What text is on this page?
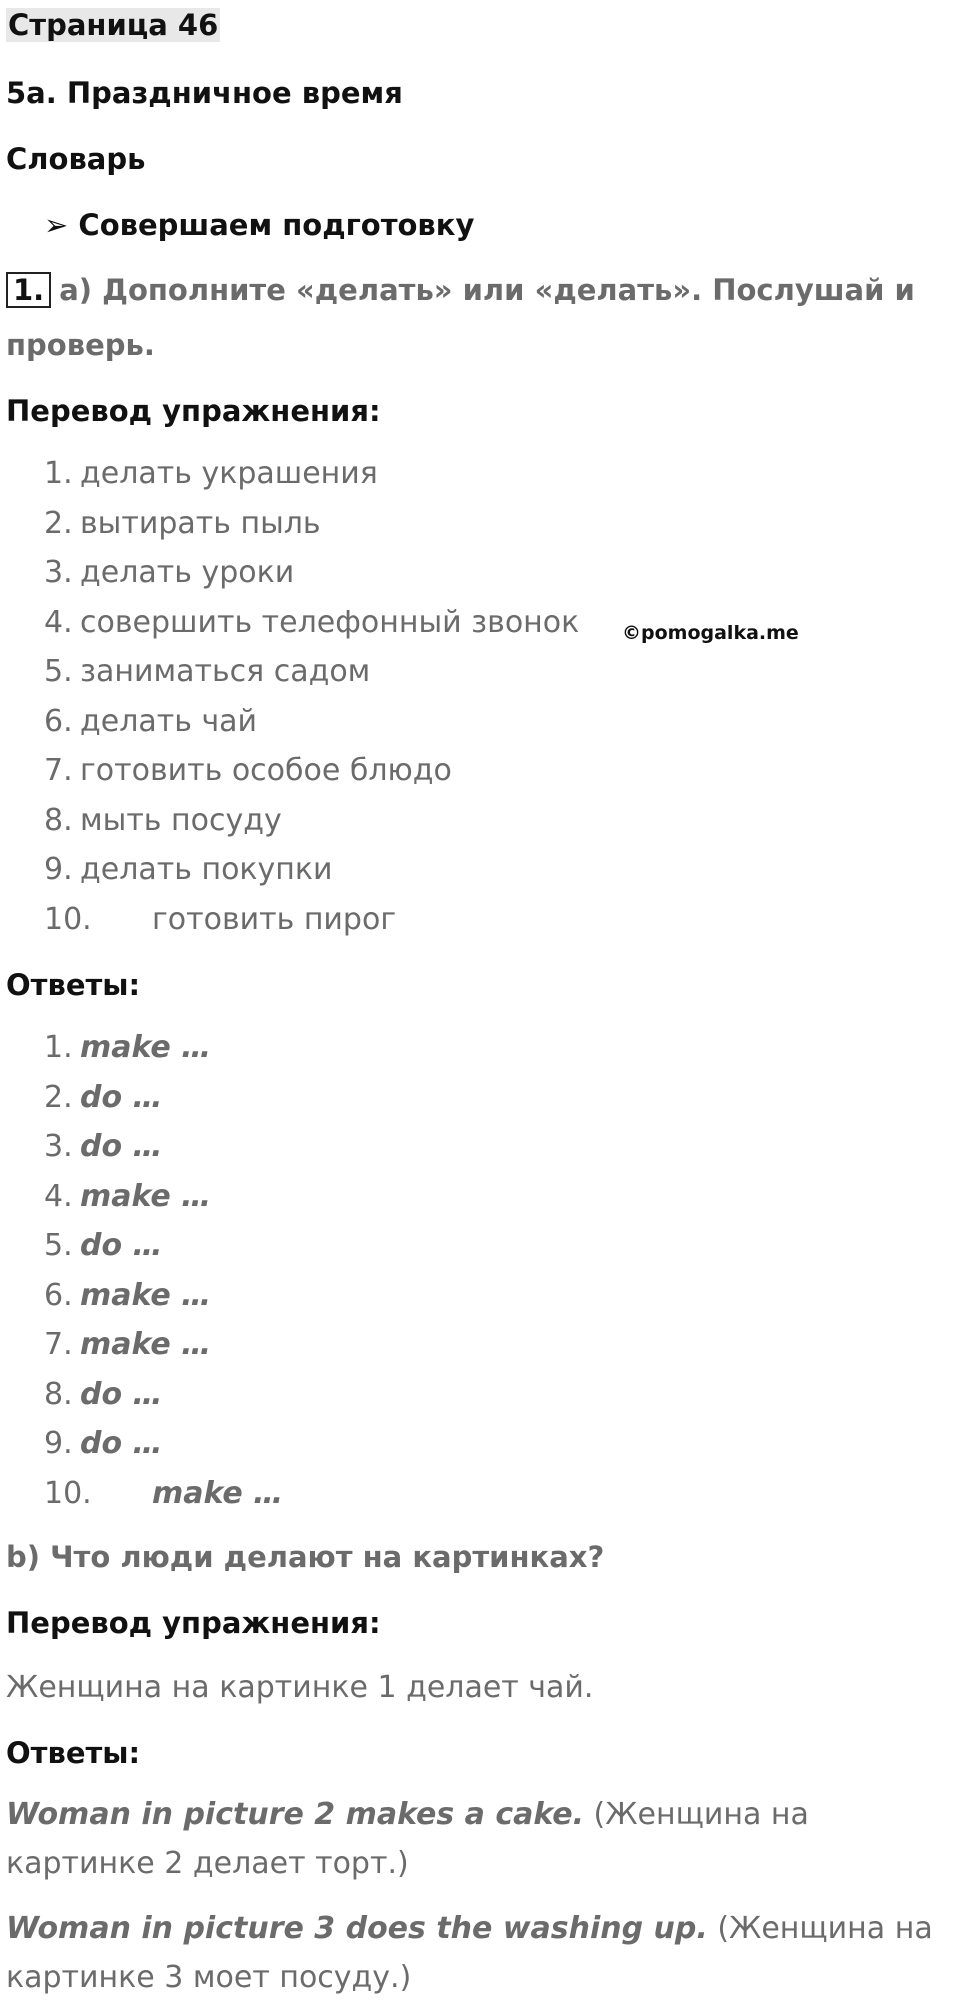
Страница 46
5a. Праздничное время
Словарь
➢ Совершаем подготовку
1. a) Дополните «делать» или «делать». Послушай и
проверь.
Перевод упражнения:
1. делать украшения
2. вытирать пыль
3. делать уроки
4. совершить телефонный звонок
5. заниматься садом
6. делать чай
7. готовить особое блюдо
8. мыть посуду
9. делать покупки
10. готовить пирог
©pomogalka.me
Ответы:
1. make …
2. do …
3. do …
4. make …
5. do …
6. make …
7. make …
8. do …
9. do …
10. make …
b) Что люди делают на картинках?
Перевод упражнения:
Женщина на картинке 1 делает чай.
Ответы:
Woman in picture 2 makes a cake. (Женщина на картинке 2 делает торт.)
Woman in picture 3 does the washing up. (Женщина на картинке 3 моет посуду.)
